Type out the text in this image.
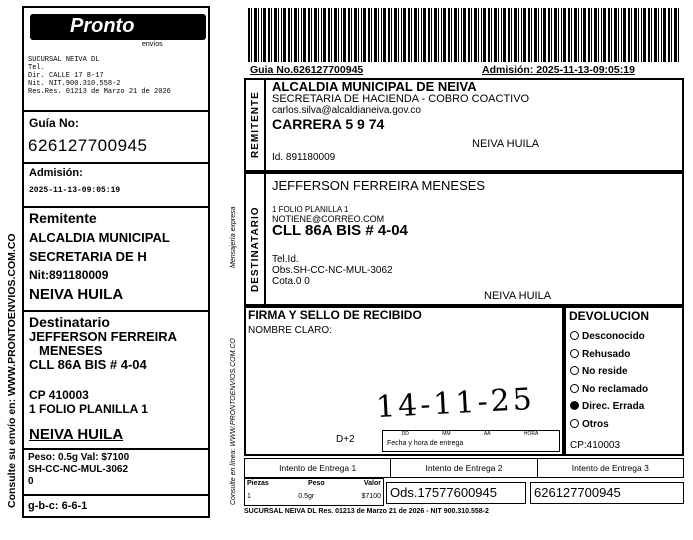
Consulte su envío en: WWW.PRONTOENVIOS.COM.CO
Pronto
envíos
SUCURSAL NEIVA DL
Tel.
Dir. CALLE 17 8-17
Nit. NIT.900.310.558-2
Res.Res. 01213 de Marzo 21 de 2026
Guía No:
626127700945
Admisión:
2025-11-13-09:05:19
Remitente
ALCALDIA MUNICIPAL
SECRETARIA DE H
Nit:891180009
NEIVA HUILA
Destinatario
JEFFERSON FERREIRA
MENESES
CLL 86A BIS # 4-04
CP 410003
1 FOLIO PLANILLA 1
NEIVA HUILA
Peso: 0.5g Val: $7100
SH-CC-NC-MUL-3062
0
g-b-c: 6-6-1
Guia No.626127700945	Admisión: 2025-11-13-09:05:19
REMITENTE
ALCALDIA MUNICIPAL DE NEIVA
SECRETARIA DE HACIENDA - COBRO COACTIVO
carlos.silva@alcaldianeiva.gov.co
CARRERA 5 9 74
NEIVA HUILA
Id. 891180009
DESTINATARIO
JEFFERSON FERREIRA MENESES
1 FOLIO PLANILLA 1
NOTIENE@CORREO.COM
CLL 86A BIS # 4-04
Tel.Id.
Obs.SH-CC-NC-MUL-3062
Cota.0 0
NEIVA HUILA
Mensajería expresa
Consulte en línea: WWW.PRONTOENVIOS.COM.CO
FIRMA Y SELLO DE RECIBIDO
NOMBRE CLARO:
14-11-25
D+2	DD	MM	AA	HORA
Fecha y hora de entrega
DEVOLUCION
Desconocido
Rehusado
No reside
No reclamado
Direc. Errada
Otros
CP:410003
Intento de Entrega 1	Intento de Entrega 2	Intento de Entrega 3
Piezas	Peso	Valor
1	0.5gr	$7100 Ods.17577600945	626127700945
SUCURSAL NEIVA DL Res. 01213 de Marzo 21 de 2026 - NIT 900.310.558-2
